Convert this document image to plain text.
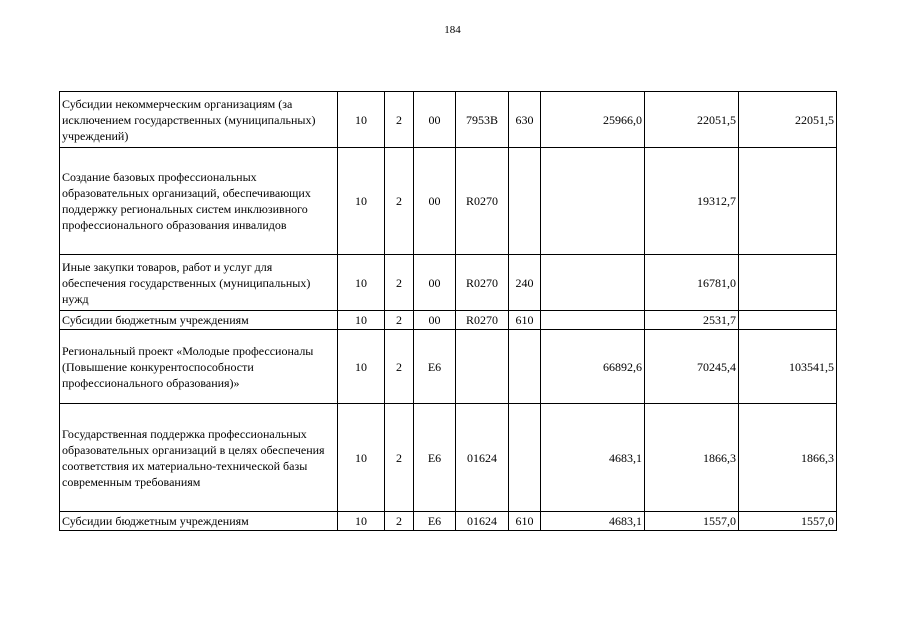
184
Субсидии некоммерческим организациям (за исключением государственных (муниципальных) учреждений)	10	2	00	7953В	630	25966,0	22051,5	22051,5
Создание базовых профессиональных образовательных организаций, обеспечивающих поддержку региональных систем инклюзивного профессионального образования инвалидов	10	2	00	R0270			19312,7	
Иные закупки товаров, работ и услуг для обеспечения государственных (муниципальных) нужд	10	2	00	R0270	240		16781,0	
Субсидии бюджетным учреждениям	10	2	00	R0270	610		2531,7	
Региональный проект «Молодые профессионалы (Повышение конкурентоспособности профессионального образования)»	10	2	Е6			66892,6	70245,4	103541,5
Государственная поддержка профессиональных образовательных организаций в целях обеспечения соответствия их материально-технической базы современным требованиям	10	2	Е6	01624		4683,1	1866,3	1866,3
Субсидии бюджетным учреждениям	10	2	Е6	01624	610	4683,1	1557,0	1557,0
